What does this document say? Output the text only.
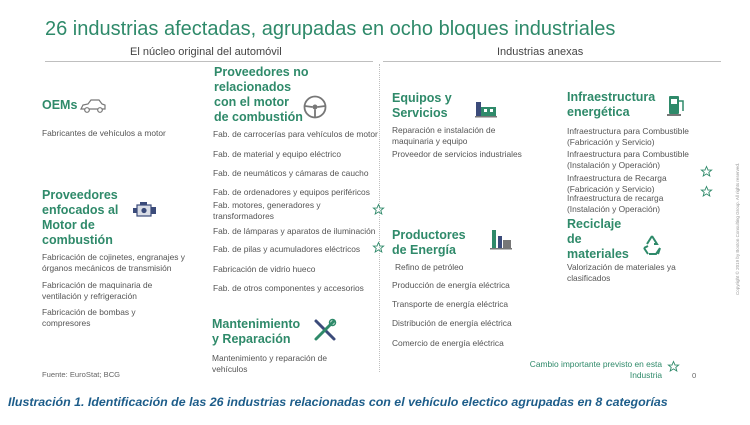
26 industrias afectadas, agrupadas en ocho bloques industriales
El núcleo original del automóvil	Industrias anexas
OEMs
Fabricantes de vehículos a motor
Proveedores
enfocados al
Motor de
combustión
Fabricación de cojinetes, engranajes y
órganos mecánicos de transmisión
Fabricación de maquinaria de
ventilación y refrigeración
Fabricación de bombas y
compresores
Proveedores no
relacionados
con el motor
de combustión
Fab. de carrocerías para vehículos de motor
Fab. de material y equipo eléctrico
Fab. de neumáticos y cámaras de caucho
Fab. de ordenadores y equipos periféricos
Fab. motores, generadores y
transformadores
Fab. de lámparas y aparatos de iluminación
Fab. de pilas y acumuladores eléctricos
Fabricación de vidrio hueco
Fab. de otros componentes y accesorios
Mantenimiento
y Reparación
Mantenimiento y reparación de
vehículos
Equipos y
Servicios
Reparación e instalación de
maquinaria y equipo
Proveedor de servicios industriales
Productores
de Energía
Refino de petróleo
Producción de energía eléctrica
Transporte de energía eléctrica
Distribución de energía eléctrica
Comercio de energía eléctrica
Infraestructura
energética
Infraestructura para Combustible
(Fabricación y Servicio)
Infraestructura para Combustible
(Instalación y Operación)
Infraestructura de Recarga
(Fabricación y Servicio)
Infraestructura de recarga
(Instalación y Operación)
Reciclaje
de
materiales
Valorización de materiales ya
clasificados
Cambio importante previsto en esta
Industria	0
Fuente: EuroStat; BCG
Copyright © 2019 by Boston Consulting Group. All rights reserved.
Ilustración 1. Identificación de las 26 industrias relacionadas con el vehículo electico agrupadas en 8 categorías
